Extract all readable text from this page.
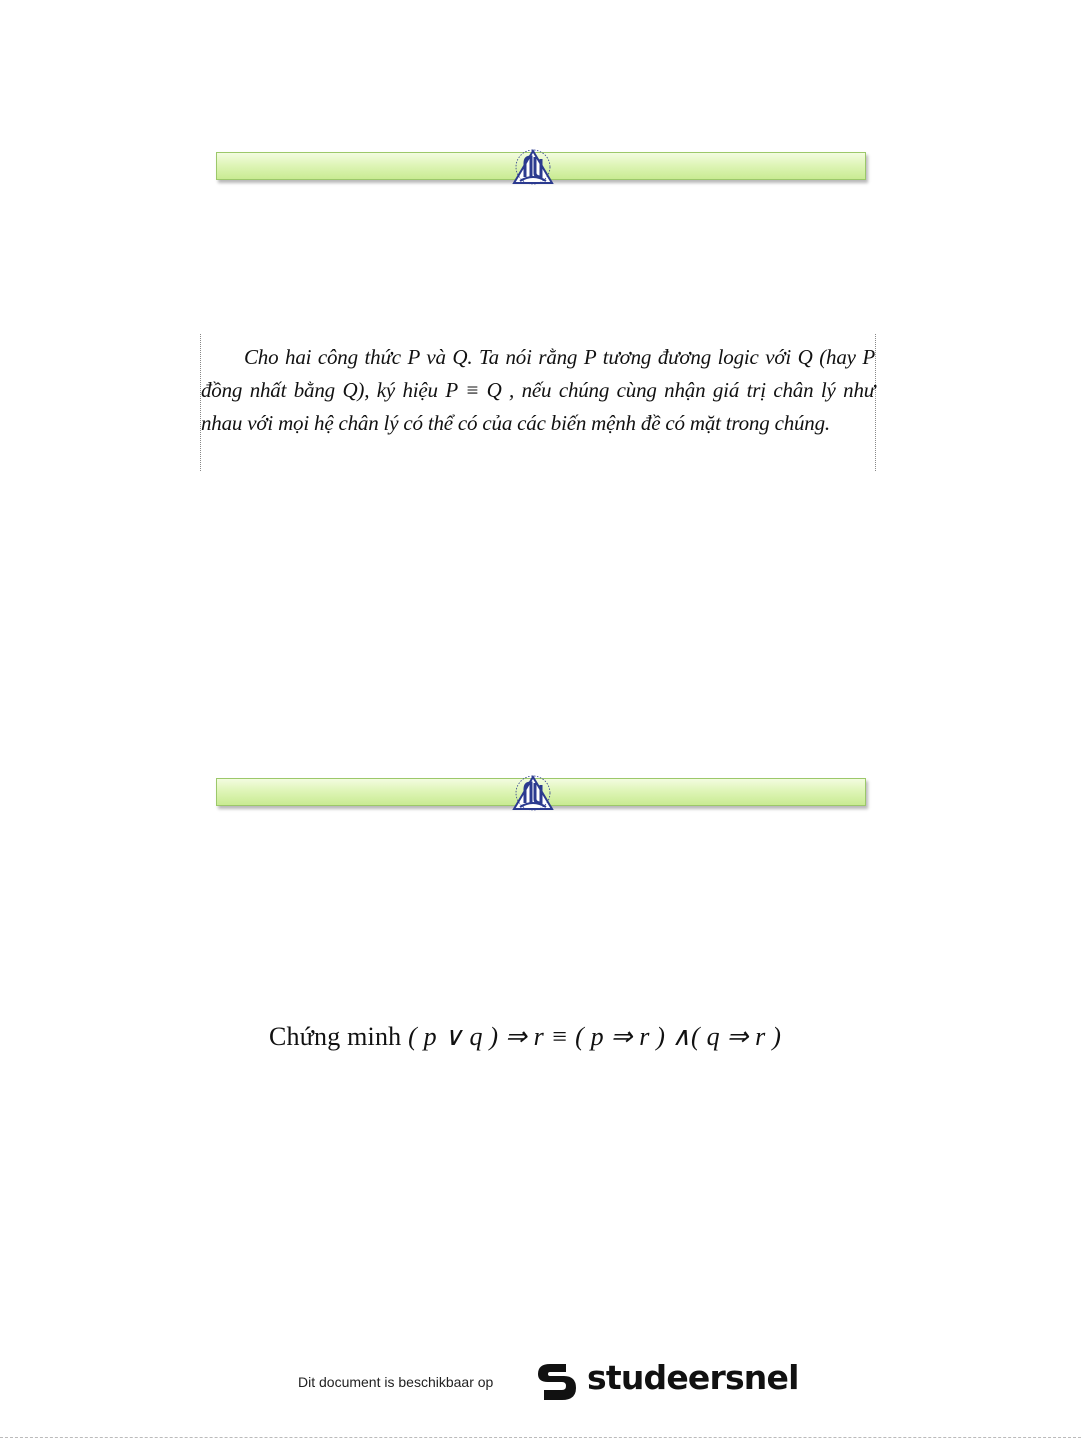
Cho hai công thức P và Q. Ta nói rằng P tương đương logic với Q (hay P đồng nhất bằng Q), ký hiệu P ≡ Q , nếu chúng cùng nhận giá trị chân lý như nhau với mọi hệ chân lý có thể có của các biến mệnh đề có mặt trong chúng.

Chứng minh ( p ∨ q ) ⇒ r ≡ ( p ⇒ r ) ∧( q ⇒ r )
Dit document is beschikbaar op	studeersnel
